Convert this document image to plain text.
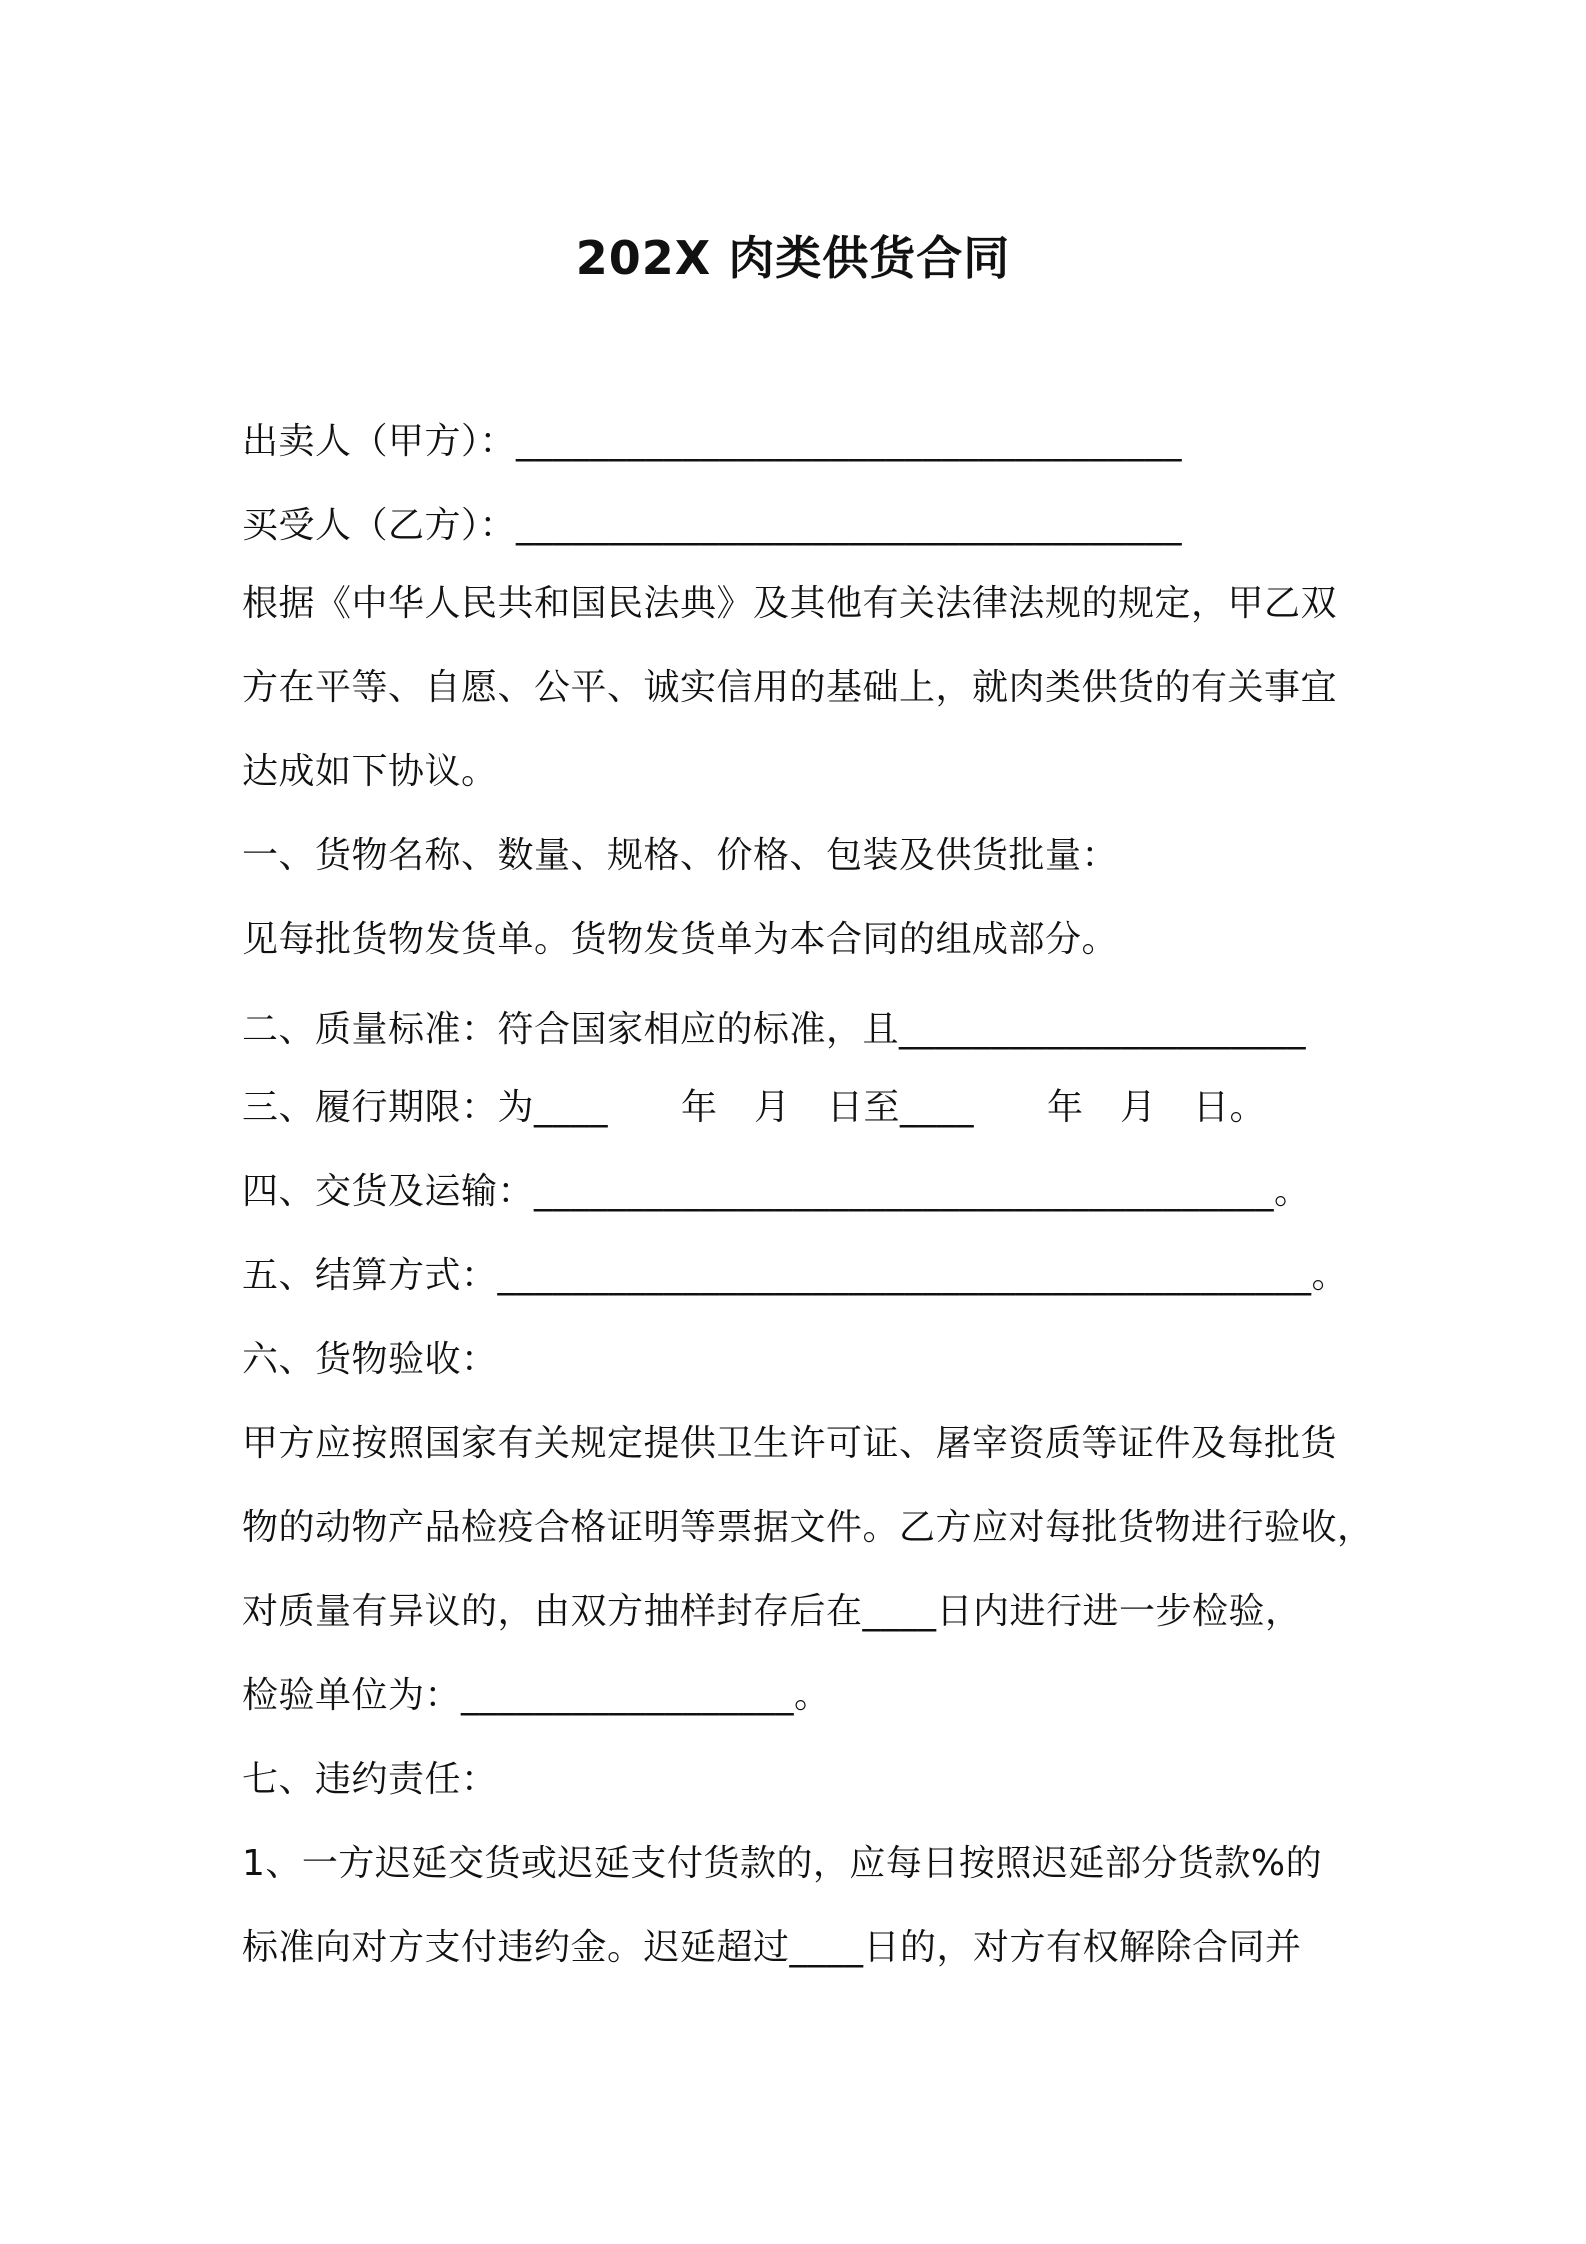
202X 肉类供货合同
出卖人（甲方）：____________________________________
买受人（乙方）：____________________________________
根据《中华人民共和国民法典》及其他有关法律法规的规定，甲乙双
方在平等、自愿、公平、诚实信用的基础上，就肉类供货的有关事宜
达成如下协议。
一、货物名称、数量、规格、价格、包装及供货批量：
见每批货物发货单。货物发货单为本合同的组成部分。
二、质量标准：符合国家相应的标准，且______________________
三、履行期限：为____　　年　月　日至____　　年　月　日。
四、交货及运输：________________________________________。
五、结算方式：____________________________________________。
六、货物验收：
甲方应按照国家有关规定提供卫生许可证、屠宰资质等证件及每批货
物的动物产品检疫合格证明等票据文件。乙方应对每批货物进行验收，
对质量有异议的，由双方抽样封存后在____日内进行进一步检验，
检验单位为：__________________。
七、违约责任：
1、一方迟延交货或迟延支付货款的，应每日按照迟延部分货款%的
标准向对方支付违约金。迟延超过____日的，对方有权解除合同并
